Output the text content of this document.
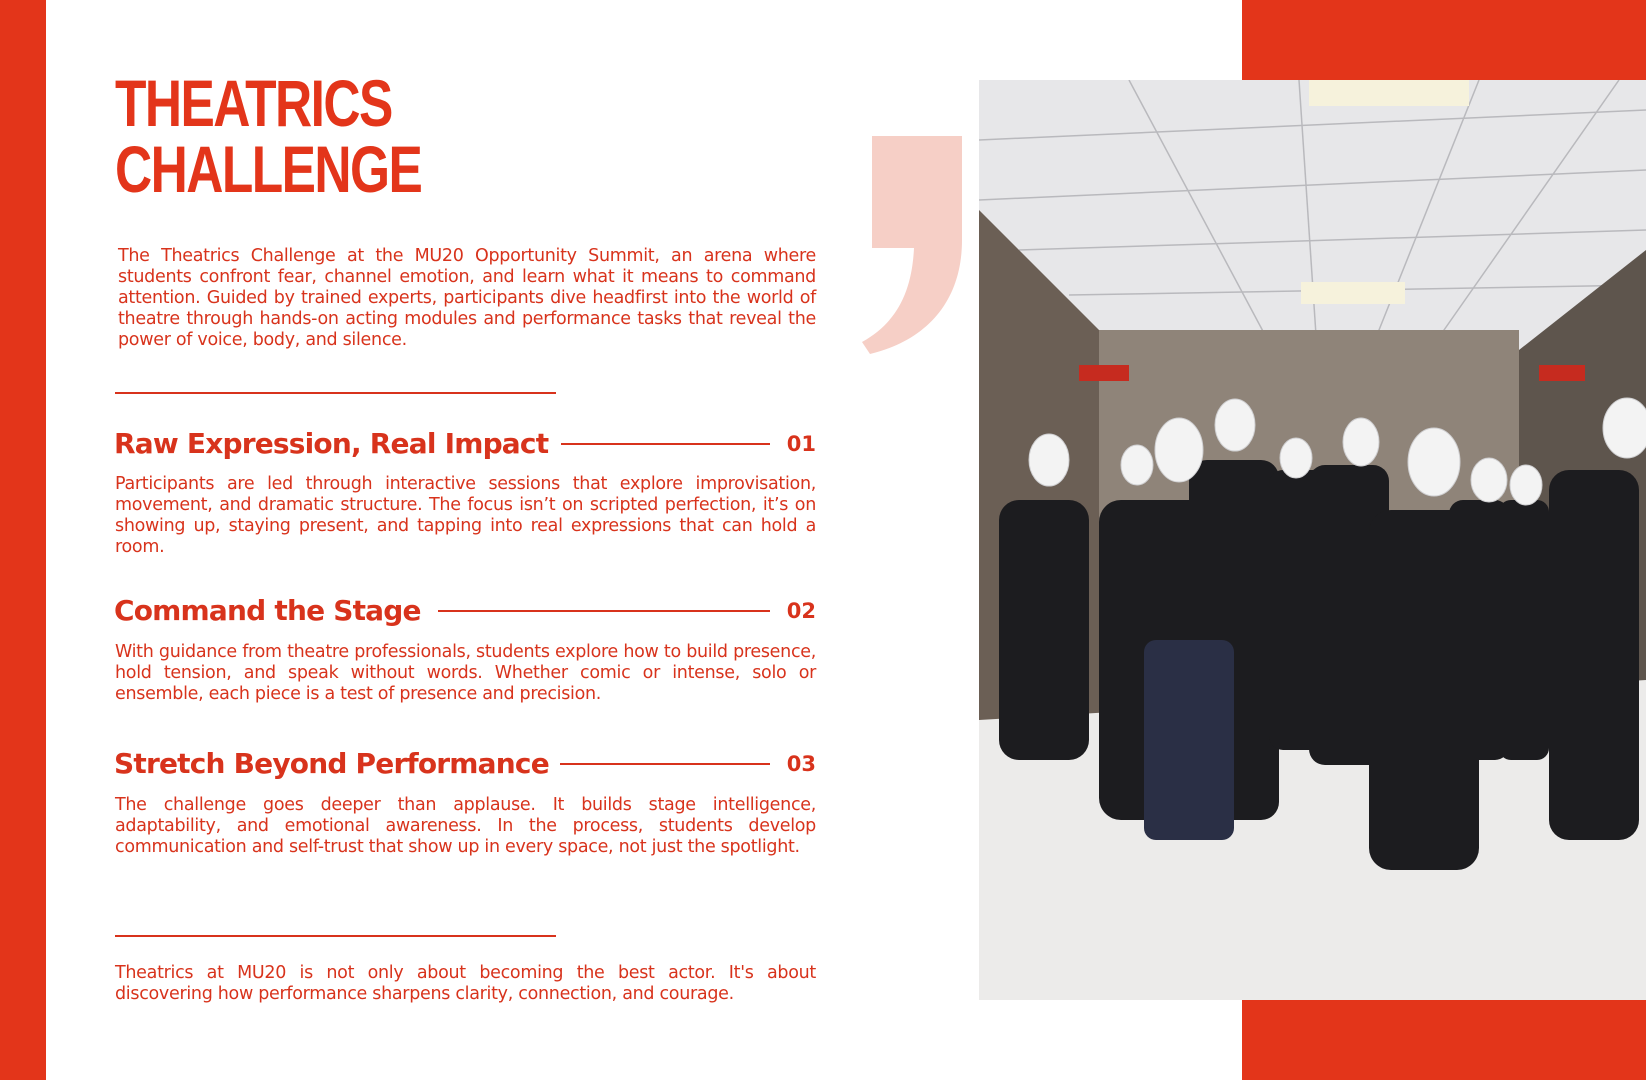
THEATRICS
CHALLENGE

The Theatrics Challenge at the MU20 Opportunity Summit, an arena where students confront fear, channel emotion, and learn what it means to command attention. Guided by trained experts, participants dive headfirst into the world of theatre through hands-on acting modules and performance tasks that reveal the power of voice, body, and silence.

Raw Expression, Real Impact	01

Participants are led through interactive sessions that explore improvisation, movement, and dramatic structure. The focus isn’t on scripted perfection, it’s on showing up, staying present, and tapping into real expressions that can hold a room.

Command the Stage	02

With guidance from theatre professionals, students explore how to build presence, hold tension, and speak without words. Whether comic or intense, solo or ensemble, each piece is a test of presence and precision.

Stretch Beyond Performance	03

The challenge goes deeper than applause. It builds stage intelligence, adaptability, and emotional awareness. In the process, students develop communication and self-trust that show up in every space, not just the spotlight.

Theatrics at MU20 is not only about becoming the best actor. It's about discovering how performance sharpens clarity, connection, and courage.
